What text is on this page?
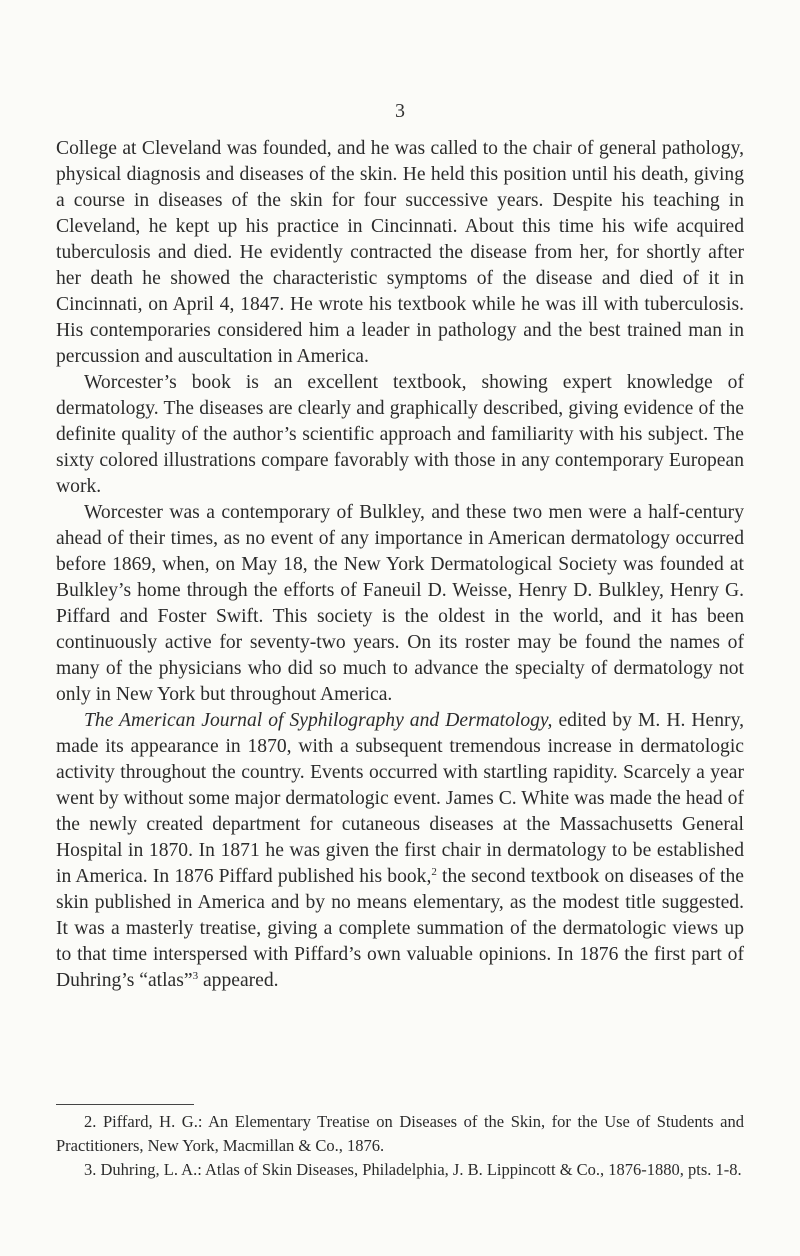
3

College at Cleveland was founded, and he was called to the chair of general pathology, physical diagnosis and diseases of the skin. He held this position until his death, giving a course in diseases of the skin for four successive years. Despite his teaching in Cleveland, he kept up his practice in Cincinnati. About this time his wife acquired tuberculosis and died. He evidently contracted the disease from her, for shortly after her death he showed the characteristic symptoms of the disease and died of it in Cincinnati, on April 4, 1847. He wrote his textbook while he was ill with tuberculosis. His contemporaries considered him a leader in pathology and the best trained man in percussion and auscultation in America.

Worcester’s book is an excellent textbook, showing expert knowledge of dermatology. The diseases are clearly and graphically described, giving evidence of the definite quality of the author’s scientific approach and familiarity with his subject. The sixty colored illustrations compare favorably with those in any contemporary European work.

Worcester was a contemporary of Bulkley, and these two men were a half-century ahead of their times, as no event of any importance in American dermatology occurred before 1869, when, on May 18, the New York Dermatological Society was founded at Bulkley’s home through the efforts of Faneuil D. Weisse, Henry D. Bulkley, Henry G. Piffard and Foster Swift. This society is the oldest in the world, and it has been continuously active for seventy-two years. On its roster may be found the names of many of the physicians who did so much to advance the specialty of dermatology not only in New York but throughout America.

The American Journal of Syphilography and Dermatology, edited by M. H. Henry, made its appearance in 1870, with a subsequent tremendous increase in dermatologic activity throughout the country. Events occurred with startling rapidity. Scarcely a year went by without some major dermatologic event. James C. White was made the head of the newly created department for cutaneous diseases at the Massachusetts General Hospital in 1870. In 1871 he was given the first chair in dermatology to be established in America. In 1876 Piffard published his book,$^2$ the second textbook on diseases of the skin published in America and by no means elementary, as the modest title suggested. It was a masterly treatise, giving a complete summation of the dermatologic views up to that time interspersed with Piffard’s own valuable opinions. In 1876 the first part of Duhring’s “atlas”$^3$ appeared.

2. Piffard, H. G.: An Elementary Treatise on Diseases of the Skin, for the Use of Students and Practitioners, New York, Macmillan & Co., 1876.

3. Duhring, L. A.: Atlas of Skin Diseases, Philadelphia, J. B. Lippincott & Co., 1876-1880, pts. 1-8.
